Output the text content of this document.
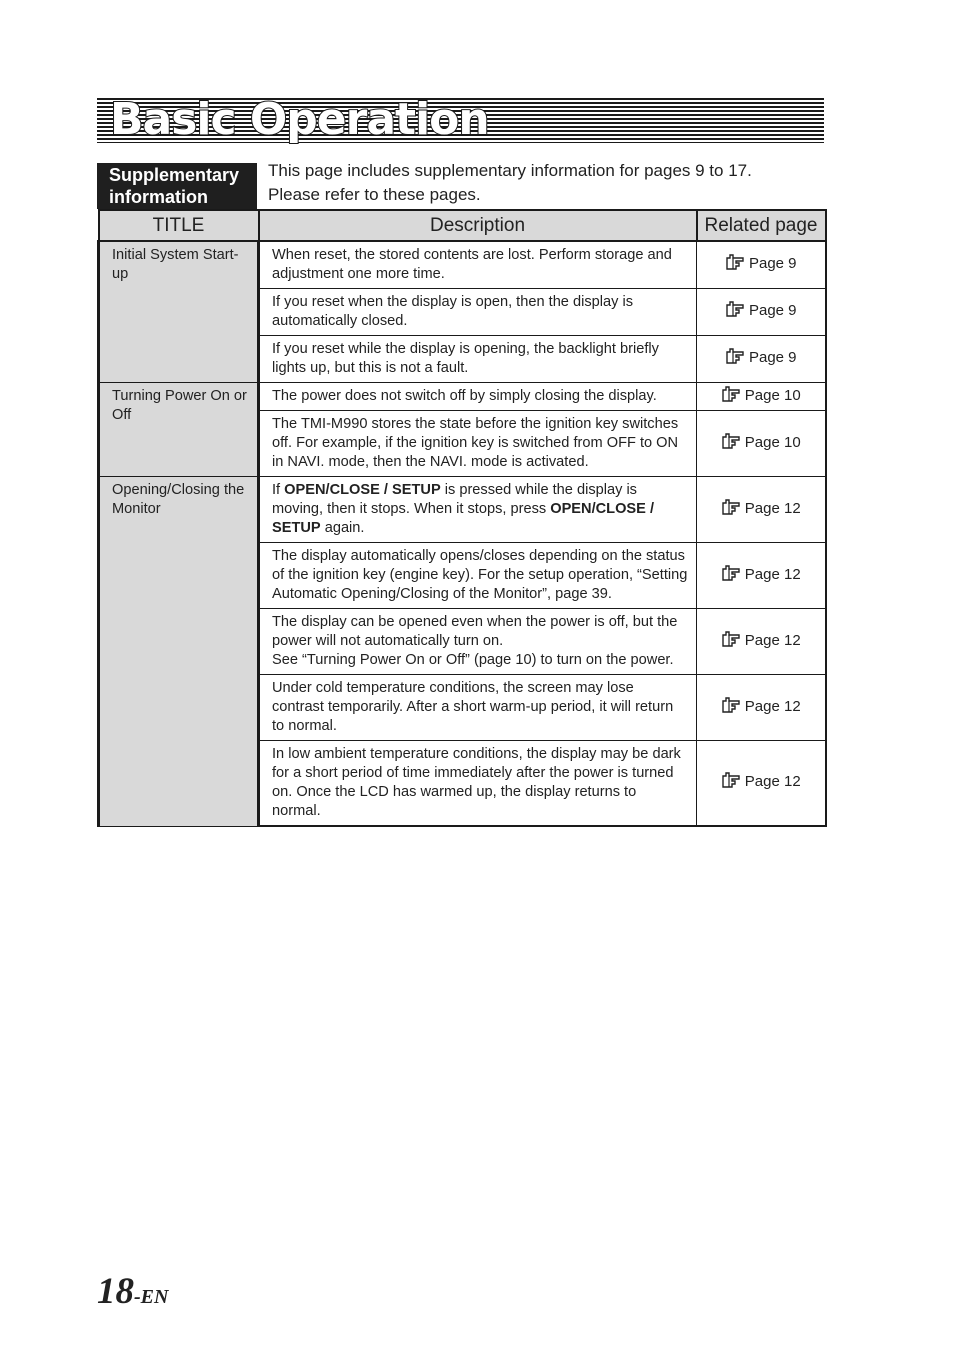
Basic Operation
Supplementary information
This page includes supplementary information for pages 9 to 17.
Please refer to these pages.
TITLE	Description	Related page
Initial System Start-up	When reset, the stored contents are lost. Perform storage and adjustment one more time.	Page 9
	If you reset when the display is open, then the display is automatically closed.	Page 9
	If you reset while the display is opening, the backlight briefly lights up, but this is not a fault.	Page 9
Turning Power On or Off	The power does not switch off by simply closing the display.	Page 10
	The TMI-M990 stores the state before the ignition key switches off. For example, if the ignition key is switched from OFF to ON in NAVI. mode, then the NAVI. mode is activated.	Page 10
Opening/Closing the Monitor	If OPEN/CLOSE / SETUP is pressed while the display is moving, then it stops. When it stops, press OPEN/CLOSE / SETUP again.	Page 12
	The display automatically opens/closes depending on the status of the ignition key (engine key). For the setup operation, “Setting Automatic Opening/Closing of the Monitor”, page 39.	Page 12
	The display can be opened even when the power is off, but the power will not automatically turn on.
See “Turning Power On or Off” (page 10) to turn on the power.	Page 12
	Under cold temperature conditions, the screen may lose contrast temporarily. After a short warm-up period, it will return to normal.	Page 12
	In low ambient temperature conditions, the display may be dark for a short period of time immediately after the power is turned on. Once the LCD has warmed up, the display returns to normal.	Page 12
18-EN
